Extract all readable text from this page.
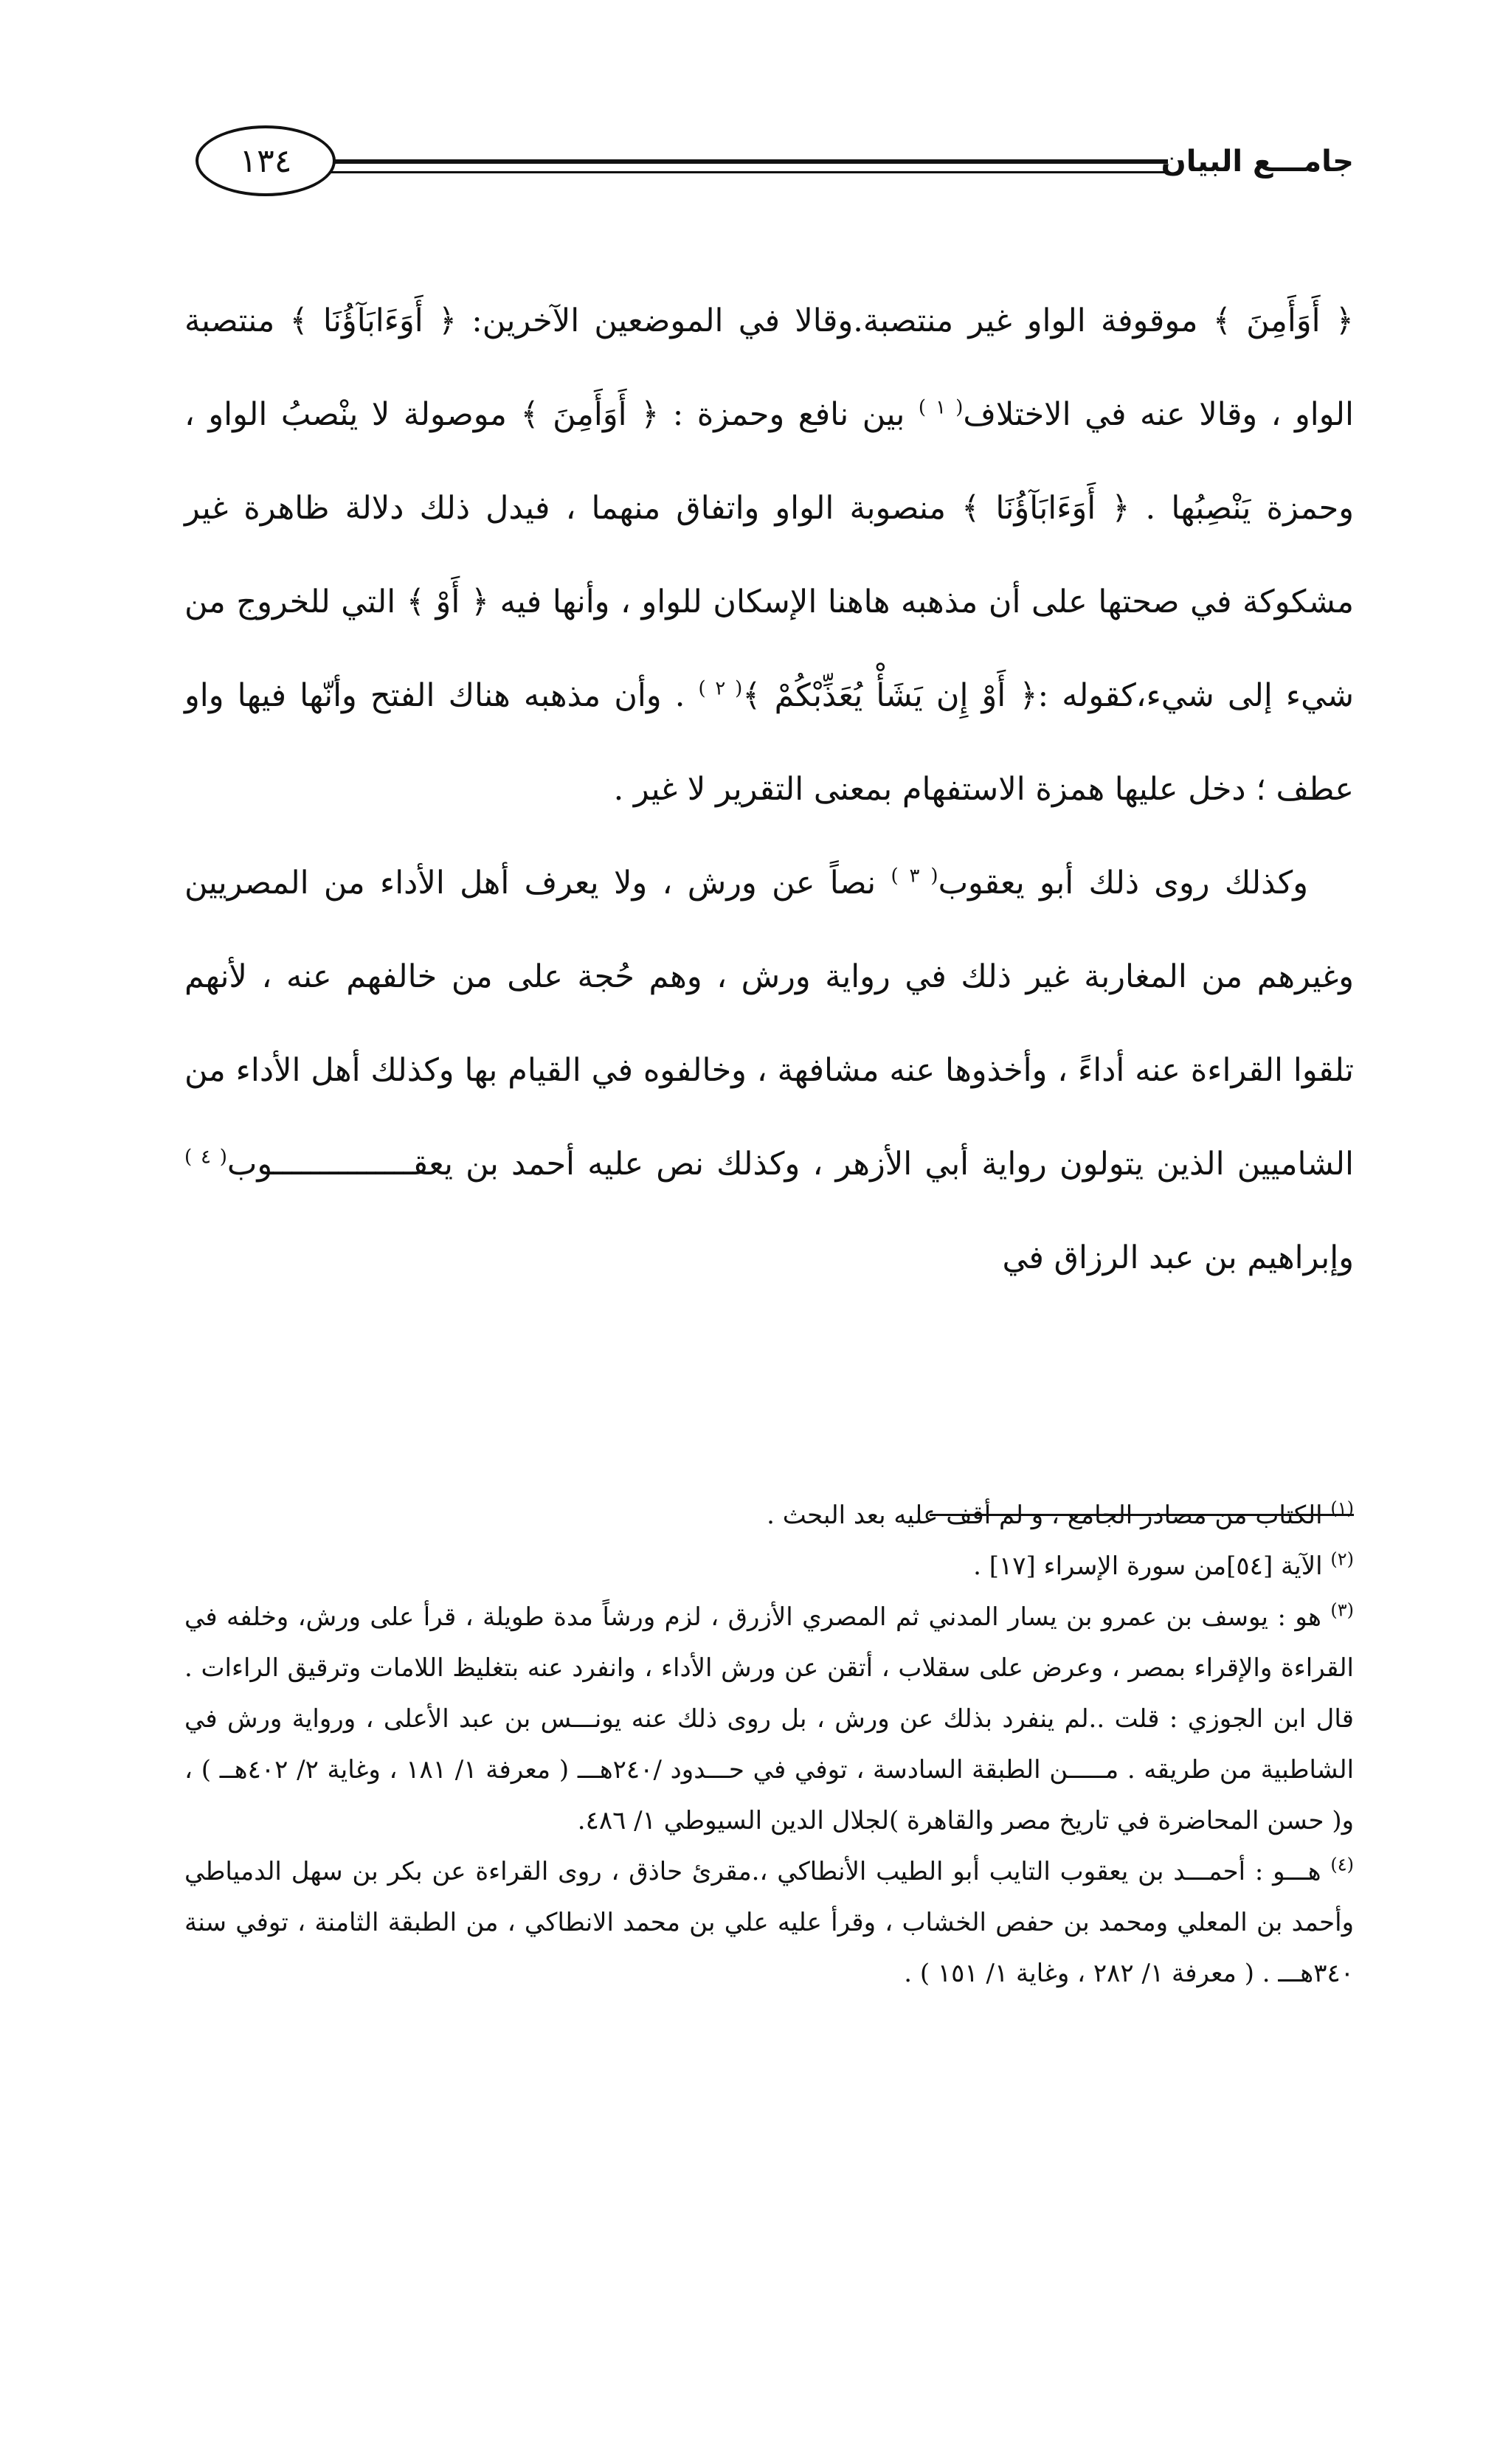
جامـــع البيان
١٣٤

﴿ أَوَأَمِنَ ﴾ موقوفة الواو غير منتصبة.وقالا في الموضعين الآخرين: ﴿ أَوَءَابَآؤُنَا ﴾ منتصبة الواو ، وقالا عنه في الاختلاف$^{( ١ )}$ بين نافع وحمزة : ﴿ أَوَأَمِنَ ﴾ موصولة لا ينْصبُ الواو ، وحمزة يَنْصِبُها . ﴿ أَوَءَابَآؤُنَا ﴾ منصوبة الواو واتفاق منهما ، فيدل ذلك دلالة ظاهرة غير مشكوكة في صحتها على أن مذهبه هاهنا الإسكان للواو ، وأنها فيه ﴿ أَوْ ﴾ التي للخروج من شيء إلى شيء،كقوله :﴿ أَوْ إِن يَشَأْ يُعَذِّبْكُمْ ﴾$^{( ٢ )}$ . وأن مذهبه هناك الفتح وأنّها فيها واو عطف ؛ دخل عليها همزة الاستفهام بمعنى التقرير لا غير .

وكذلك روى ذلك أبو يعقوب$^{( ٣ )}$ نصاً عن ورش ، ولا يعرف أهل الأداء من المصريين وغيرهم من المغاربة غير ذلك في رواية ورش ، وهم حُجة على من خالفهم عنه ، لأنهم تلقوا القراءة عنه أداءً ، وأخذوها عنه مشافهة ، وخالفوه في القيام بها وكذلك أهل الأداء من الشاميين الذين يتولون رواية أبي الأزهر ، وكذلك نص عليه أحمد بن يعقـــــــــــــــوب$^{( ٤ )}$ وإبراهيم بن عبد الرزاق في

$^{(١)}$ الكتاب من مصادر الجامع ، و لم أقف عليه بعد البحث .

$^{(٢)}$ الآية [٥٤]من سورة الإسراء [١٧] .

$^{(٣)}$ هو : يوسف بن عمرو بن يسار المدني ثم المصري الأزرق ، لزم ورشاً مدة طويلة ، قرأ على ورش، وخلفه في القراءة والإقراء بمصر ، وعرض على سقلاب ، أتقن عن ورش الأداء ، وانفرد عنه بتغليظ اللامات وترقيق الراءات . قال ابن الجوزي : قلت ..لم ينفرد بذلك عن ورش ، بل روى ذلك عنه يونـــس بن عبد الأعلى ، ورواية ورش في الشاطبية من طريقه . مـــــن الطبقة السادسة ، توفي في حـــدود /٢٤٠هـــ ( معرفة ١/ ١٨١ ، وغاية ٢/ ٤٠٢هــ ) ، و( حسن المحاضرة في تاريخ مصر والقاهرة )لجلال الدين السيوطي ١/ ٤٨٦.

$^{(٤)}$ هـــو : أحمـــد بن يعقوب التايب أبو الطيب الأنطاكي ،.مقرئ حاذق ، روى القراءة عن بكر بن سهل الدمياطي وأحمد بن المعلي ومحمد بن حفص الخشاب ، وقرأ عليه علي بن محمد الانطاكي ، من الطبقة الثامنة ، توفي سنة ٣٤٠هـــ . ( معرفة ١/ ٢٨٢ ، وغاية ١/ ١٥١ ) .
